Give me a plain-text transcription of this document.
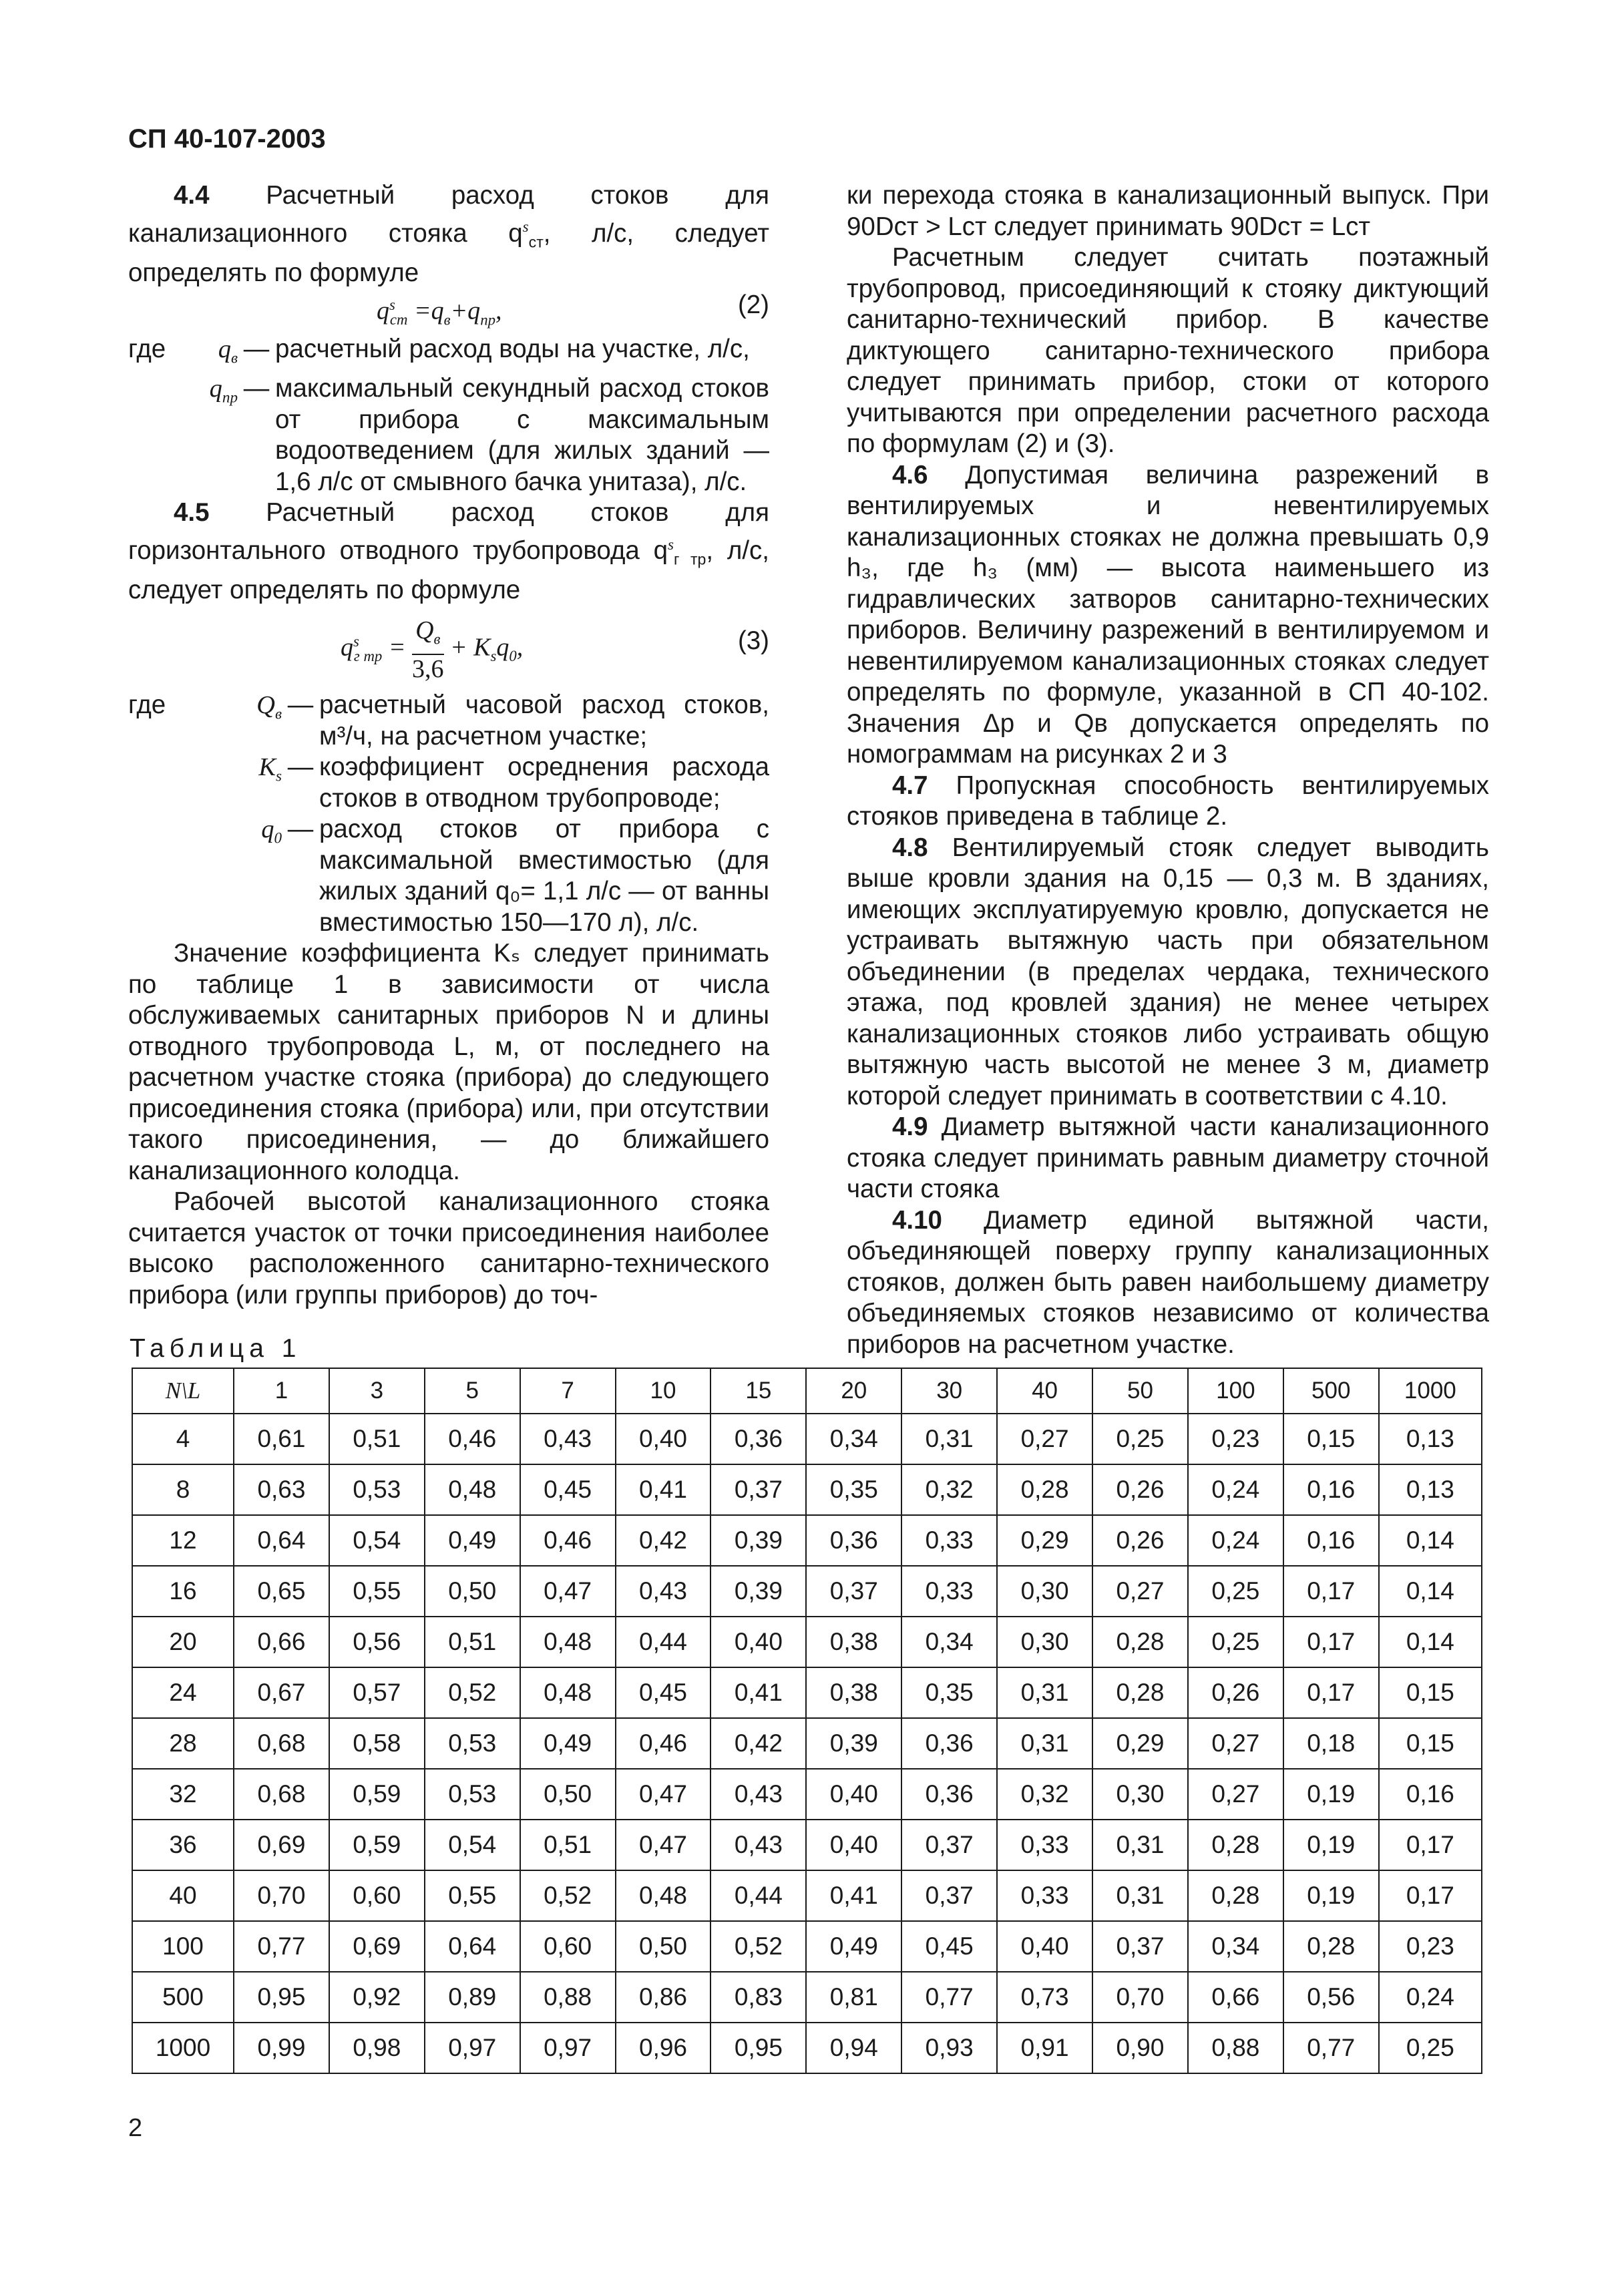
СП 40-107-2003

4.4 Расчетный расход стоков для канализационного стояка $q^s_{ст}$, л/с, следует определять по формуле

$q^s_{ст} =q_в+q_{пр}$,	(2)
где	$q_в$ — расчетный расход воды на участке, л/с,
$q_{пр}$ — максимальный секундный расход стоков от прибора с максимальным водоотведением (для жилых зданий — 1,6 л/с от смывного бачка унитаза), л/с.

4.5 Расчетный расход стоков для горизонтального отводного трубопровода $q^s_{г тр}$, л/с, следует определять по формуле

$q^s_{г тр} = \frac{Q_в}{3,6} + K_sq_0$,	(3)
где	$Q_в$ — расчетный часовой расход стоков, м³/ч, на расчетном участке;
$K_s$ — коэффициент осреднения расхода стоков в отводном трубопроводе;
$q_0$ — расход стоков от прибора с максимальной вместимостью (для жилых зданий q₀= 1,1 л/с — от ванны вместимостью 150—170 л), л/с.

Значение коэффициента Kₛ следует принимать по таблице 1 в зависимости от числа обслуживаемых санитарных приборов N и длины отводного трубопровода L, м, от последнего на расчетном участке стояка (прибора) до следующего присоединения стояка (прибора) или, при отсутствии такого присоединения, — до ближайшего канализационного колодца.

Рабочей высотой канализационного стояка считается участок от точки присоединения наиболее высоко расположенного санитарно-технического прибора (или группы приборов) до точ-

ки перехода стояка в канализационный выпуск. При 90Dст > Lст следует принимать 90Dст = Lст

Расчетным следует считать поэтажный трубопровод, присоединяющий к стояку диктующий санитарно-технический прибор. В качестве диктующего санитарно-технического прибора следует принимать прибор, стоки от которого учитываются при определении расчетного расхода по формулам (2) и (3).

4.6 Допустимая величина разрежений в вентилируемых и невентилируемых канализационных стояках не должна превышать 0,9 h₃, где h₃ (мм) — высота наименьшего из гидравлических затворов санитарно-технических приборов. Величину разрежений в вентилируемом и невентилируемом канализационных стояках следует определять по формуле, указанной в СП 40-102. Значения Δp и Qв допускается определять по номограммам на рисунках 2 и 3

4.7 Пропускная способность вентилируемых стояков приведена в таблице 2.

4.8 Вентилируемый стояк следует выводить выше кровли здания на 0,15 — 0,3 м. В зданиях, имеющих эксплуатируемую кровлю, допускается не устраивать вытяжную часть при обязательном объединении (в пределах чердака, технического этажа, под кровлей здания) не менее четырех канализационных стояков либо устраивать общую вытяжную часть высотой не менее 3 м, диаметр которой следует принимать в соответствии с 4.10.

4.9 Диаметр вытяжной части канализационного стояка следует принимать равным диаметру сточной части стояка

4.10 Диаметр единой вытяжной части, объединяющей поверху группу канализационных стояков, должен быть равен наибольшему диаметру объединяемых стояков независимо от количества приборов на расчетном участке.

Таблица 1
N\L	1	3	5	7	10	15	20	30	40	50	100	500	1000
4	0,61	0,51	0,46	0,43	0,40	0,36	0,34	0,31	0,27	0,25	0,23	0,15	0,13
8	0,63	0,53	0,48	0,45	0,41	0,37	0,35	0,32	0,28	0,26	0,24	0,16	0,13
12	0,64	0,54	0,49	0,46	0,42	0,39	0,36	0,33	0,29	0,26	0,24	0,16	0,14
16	0,65	0,55	0,50	0,47	0,43	0,39	0,37	0,33	0,30	0,27	0,25	0,17	0,14
20	0,66	0,56	0,51	0,48	0,44	0,40	0,38	0,34	0,30	0,28	0,25	0,17	0,14
24	0,67	0,57	0,52	0,48	0,45	0,41	0,38	0,35	0,31	0,28	0,26	0,17	0,15
28	0,68	0,58	0,53	0,49	0,46	0,42	0,39	0,36	0,31	0,29	0,27	0,18	0,15
32	0,68	0,59	0,53	0,50	0,47	0,43	0,40	0,36	0,32	0,30	0,27	0,19	0,16
36	0,69	0,59	0,54	0,51	0,47	0,43	0,40	0,37	0,33	0,31	0,28	0,19	0,17
40	0,70	0,60	0,55	0,52	0,48	0,44	0,41	0,37	0,33	0,31	0,28	0,19	0,17
100	0,77	0,69	0,64	0,60	0,50	0,52	0,49	0,45	0,40	0,37	0,34	0,28	0,23
500	0,95	0,92	0,89	0,88	0,86	0,83	0,81	0,77	0,73	0,70	0,66	0,56	0,24
1000	0,99	0,98	0,97	0,97	0,96	0,95	0,94	0,93	0,91	0,90	0,88	0,77	0,25
2
